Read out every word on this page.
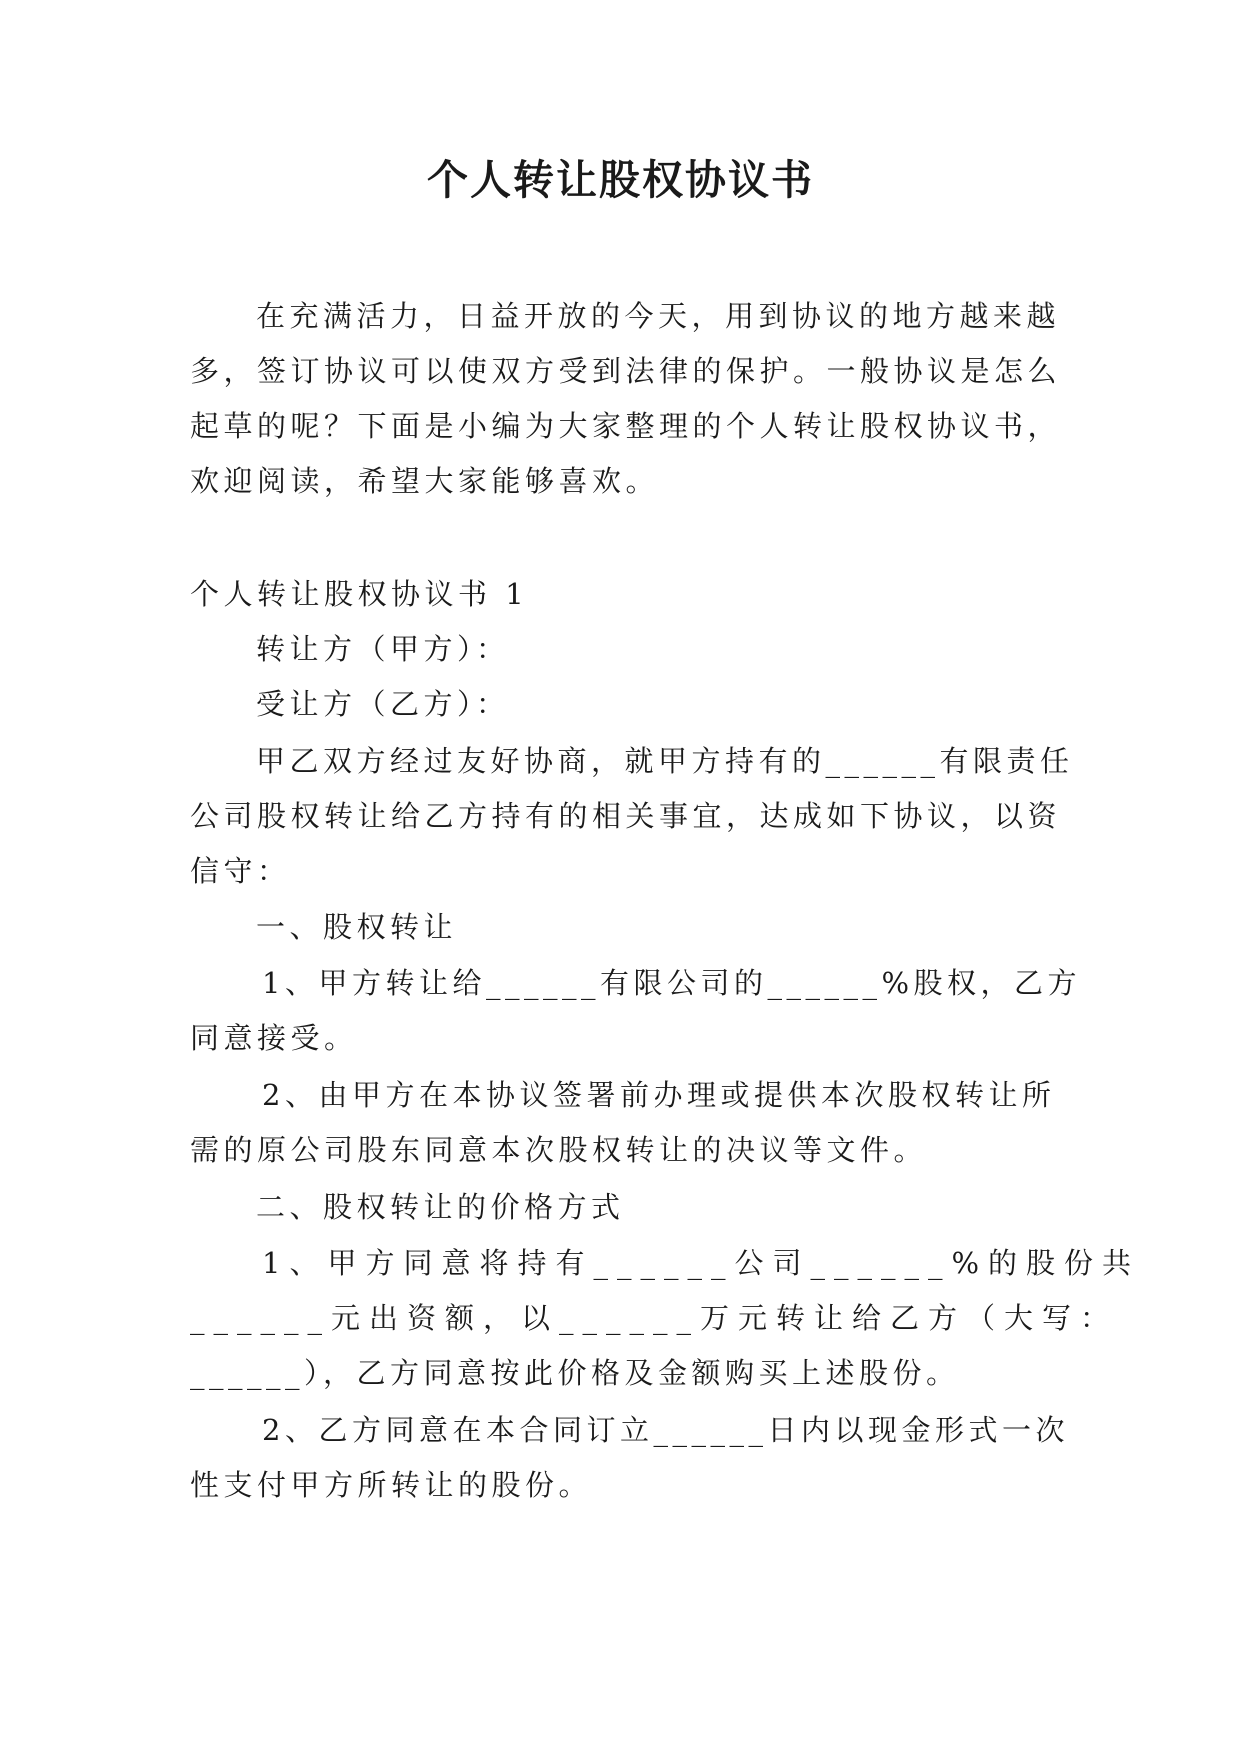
个人转让股权协议书

在充满活力，日益开放的今天，用到协议的地方越来越

多，签订协议可以使双方受到法律的保护。一般协议是怎么

起草的呢？下面是小编为大家整理的个人转让股权协议书，

欢迎阅读，希望大家能够喜欢。

个人转让股权协议书 1

转让方（甲方）：

受让方（乙方）：

甲乙双方经过友好协商，就甲方持有的______有限责任

公司股权转让给乙方持有的相关事宜，达成如下协议，以资

信守：

一、股权转让

1、甲方转让给______有限公司的______%股权，乙方

同意接受。

2、由甲方在本协议签署前办理或提供本次股权转让所

需的原公司股东同意本次股权转让的决议等文件。

二、股权转让的价格方式

1、甲方同意将持有______公司______%的股份共

______元出资额，以______万元转让给乙方（大写：

______），乙方同意按此价格及金额购买上述股份。

2、乙方同意在本合同订立______日内以现金形式一次

性支付甲方所转让的股份。
